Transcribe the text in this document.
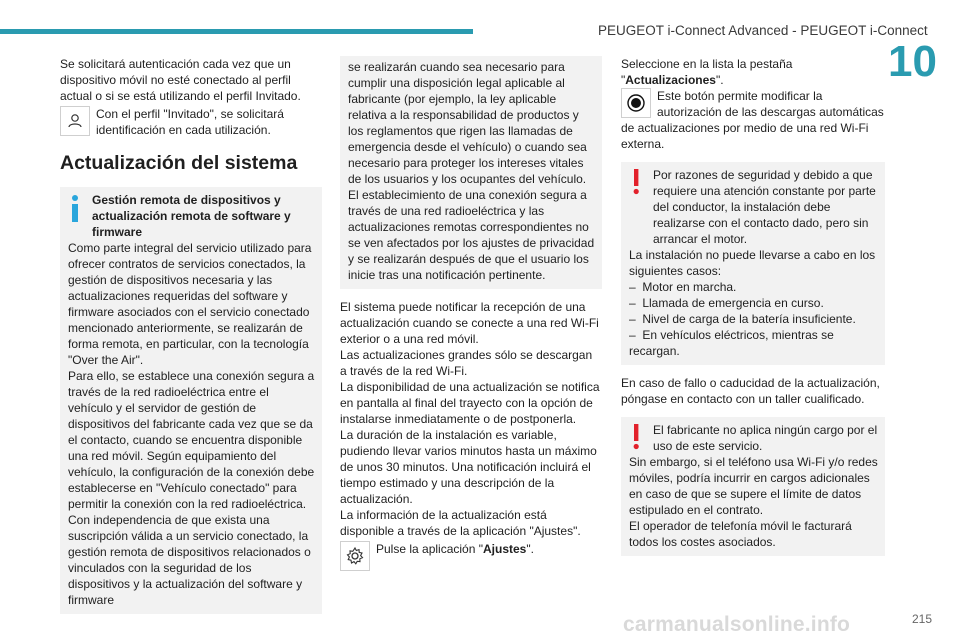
PEUGEOT i-Connect Advanced - PEUGEOT i-Connect
10

Se solicitará autenticación cada vez que un dispositivo móvil no esté conectado al perfil actual o si se está utilizando el perfil Invitado.

Con el perfil "Invitado", se solicitará identificación en cada utilización.

Actualización del sistema

Gestión remota de dispositivos y actualización remota de software y firmware

Como parte integral del servicio utilizado para ofrecer contratos de servicios conectados, la gestión de dispositivos necesaria y las actualizaciones requeridas del software y firmware asociados con el servicio conectado mencionado anteriormente, se realizarán de forma remota, en particular, con la tecnología "Over the Air".

Para ello, se establece una conexión segura a través de la red radioeléctrica entre el vehículo y el servidor de gestión de dispositivos del fabricante cada vez que se da el contacto, cuando se encuentra disponible una red móvil. Según equipamiento del vehículo, la configuración de la conexión debe establecerse en "Vehículo conectado" para permitir la conexión con la red radioeléctrica. Con independencia de que exista una suscripción válida a un servicio conectado, la gestión remota de dispositivos relacionados o vinculados con la seguridad de los dispositivos y la actualización del software y firmware

se realizarán cuando sea necesario para cumplir una disposición legal aplicable al fabricante (por ejemplo, la ley aplicable relativa a la responsabilidad de productos y los reglamentos que rigen las llamadas de emergencia desde el vehículo) o cuando sea necesario para proteger los intereses vitales de los usuarios y los ocupantes del vehículo.

El establecimiento de una conexión segura a través de una red radioeléctrica y las actualizaciones remotas correspondientes no se ven afectados por los ajustes de privacidad y se realizarán después de que el usuario los inicie tras una notificación pertinente.

El sistema puede notificar la recepción de una actualización cuando se conecte a una red Wi-Fi exterior o a una red móvil.

Las actualizaciones grandes sólo se descargan a través de la red Wi-Fi.

La disponibilidad de una actualización se notifica en pantalla al final del trayecto con la opción de instalarse inmediatamente o de postponerla.

La duración de la instalación es variable, pudiendo llevar varios minutos hasta un máximo de unos 30 minutos. Una notificación incluirá el tiempo estimado y una descripción de la actualización.

La información de la actualización está disponible a través de la aplicación "Ajustes".

Pulse la aplicación "Ajustes".

Seleccione en la lista la pestaña "Actualizaciones".

Este botón permite modificar la autorización de las descargas automáticas

de actualizaciones por medio de una red Wi-Fi externa.

Por razones de seguridad y debido a que requiere una atención constante por parte del conductor, la instalación debe realizarse con el contacto dado, pero sin arrancar el motor.

La instalación no puede llevarse a cabo en los siguientes casos:

–  Motor en marcha.

–  Llamada de emergencia en curso.

–  Nivel de carga de la batería insuficiente.

–  En vehículos eléctricos, mientras se recargan.

En caso de fallo o caducidad de la actualización, póngase en contacto con un taller cualificado.

El fabricante no aplica ningún cargo por el uso de este servicio.

Sin embargo, si el teléfono usa Wi-Fi y/o redes móviles, podría incurrir en cargos adicionales en caso de que se supere el límite de datos estipulado en el contrato.

El operador de telefonía móvil le facturará todos los costes asociados.

carmanualsonline.info	215
